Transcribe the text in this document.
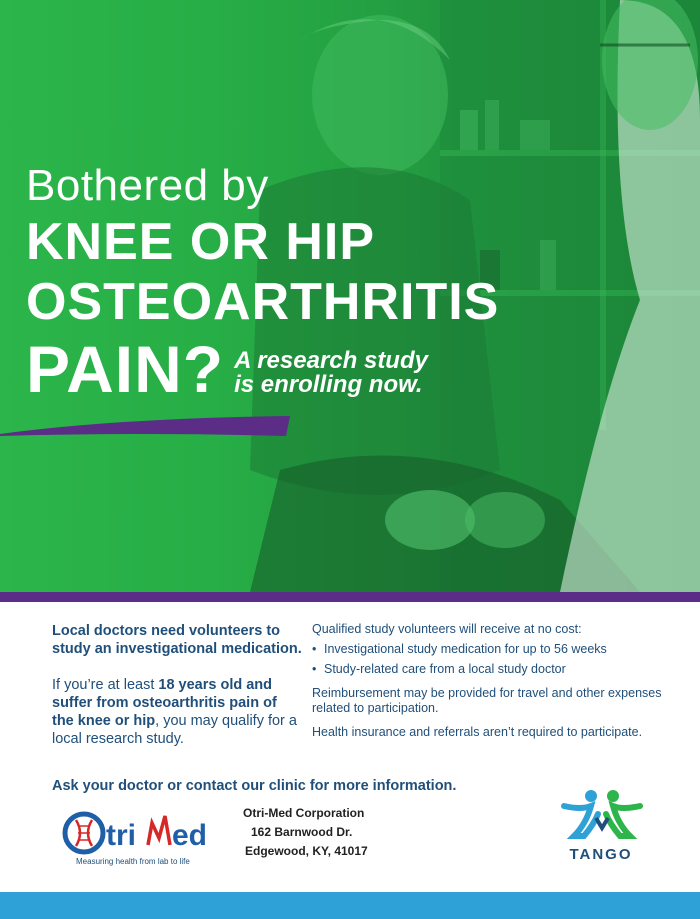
Bothered by
KNEE OR HIP
OSTEOARTHRITIS
PAIN? A research study
is enrolling now.
Local doctors need volunteers to study an investigational medication.
If you’re at least 18 years old and suffer from osteoarthritis pain of the knee or hip, you may qualify for a local research study.
Qualified study volunteers will receive at no cost:
• Investigational study medication for up to 56 weeks
• Study-related care from a local study doctor
Reimbursement may be provided for travel and other expenses related to participation.
Health insurance and referrals aren’t required to participate.
Ask your doctor or contact our clinic for more information.
tri ed
Measuring health from lab to life
Otri-Med Corporation
162 Barnwood Dr.
Edgewood, KY, 41017	TANGO
